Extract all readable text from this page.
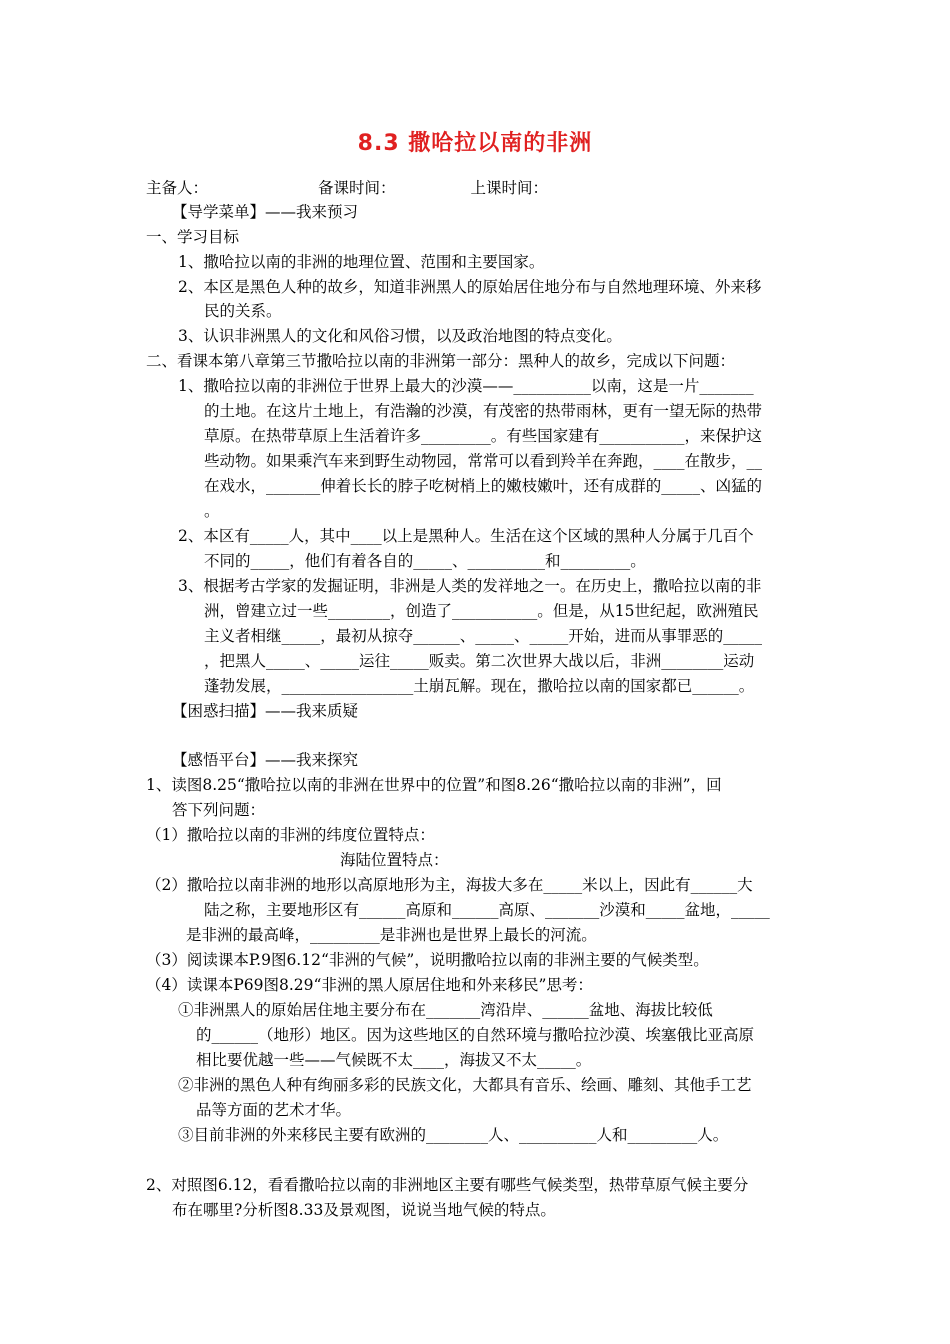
8.3 撒哈拉以南的非洲
主备人：	备课时间：	上课时间：
【导学菜单】——我来预习
一、学习目标
1、撒哈拉以南的非洲的地理位置、范围和主要国家。
2、本区是黑色人种的故乡，知道非洲黑人的原始居住地分布与自然地理环境、外来移
民的关系。
3、认识非洲黑人的文化和风俗习惯，以及政治地图的特点变化。
二、看课本第八章第三节撒哈拉以南的非洲第一部分：黑种人的故乡，完成以下问题：
1、撒哈拉以南的非洲位于世界上最大的沙漠——__________以南，这是一片_______
的土地。在这片土地上，有浩瀚的沙漠，有茂密的热带雨林，更有一望无际的热带
草原。在热带草原上生活着许多_________。有些国家建有___________，来保护这
些动物。如果乘汽车来到野生动物园，常常可以看到羚羊在奔跑，____在散步，__
在戏水，_______伸着长长的脖子吃树梢上的嫩枝嫩叶，还有成群的_____、凶猛的
。
2、本区有_____人，其中____以上是黑种人。生活在这个区域的黑种人分属于几百个
不同的_____，他们有着各自的_____、__________和_________。
3、根据考古学家的发掘证明，非洲是人类的发祥地之一。在历史上，撒哈拉以南的非
洲，曾建立过一些________，创造了___________。但是，从15世纪起，欧洲殖民
主义者相继_____，最初从掠夺______、_____、_____开始，进而从事罪恶的_____
，把黑人_____、_____运往_____贩卖。第二次世界大战以后，非洲________运动
蓬勃发展，_________________土崩瓦解。现在，撒哈拉以南的国家都已______。
【困惑扫描】——我来质疑
【感悟平台】——我来探究
1、读图8.25“撒哈拉以南的非洲在世界中的位置”和图8.26“撒哈拉以南的非洲”，回
答下列问题：
（1）撒哈拉以南的非洲的纬度位置特点：
海陆位置特点：
（2）撒哈拉以南非洲的地形以高原地形为主，海拔大多在_____米以上，因此有______大
陆之称，主要地形区有______高原和______高原、_______沙漠和_____盆地，_____
是非洲的最高峰，_________是非洲也是世界上最长的河流。
（3）阅读课本P.9图6.12“非洲的气候”，说明撒哈拉以南的非洲主要的气候类型。
（4）读课本P69图8.29“非洲的黑人原居住地和外来移民”思考：
①非洲黑人的原始居住地主要分布在_______湾沿岸、______盆地、海拔比较低
的______（地形）地区。因为这些地区的自然环境与撒哈拉沙漠、埃塞俄比亚高原
相比要优越一些——气候既不太____，海拔又不太_____。
②非洲的黑色人种有绚丽多彩的民族文化，大都具有音乐、绘画、雕刻、其他手工艺
品等方面的艺术才华。
③目前非洲的外来移民主要有欧洲的________人、__________人和_________人。
2、对照图6.12，看看撒哈拉以南的非洲地区主要有哪些气候类型，热带草原气候主要分
布在哪里?分析图8.33及景观图，说说当地气候的特点。
